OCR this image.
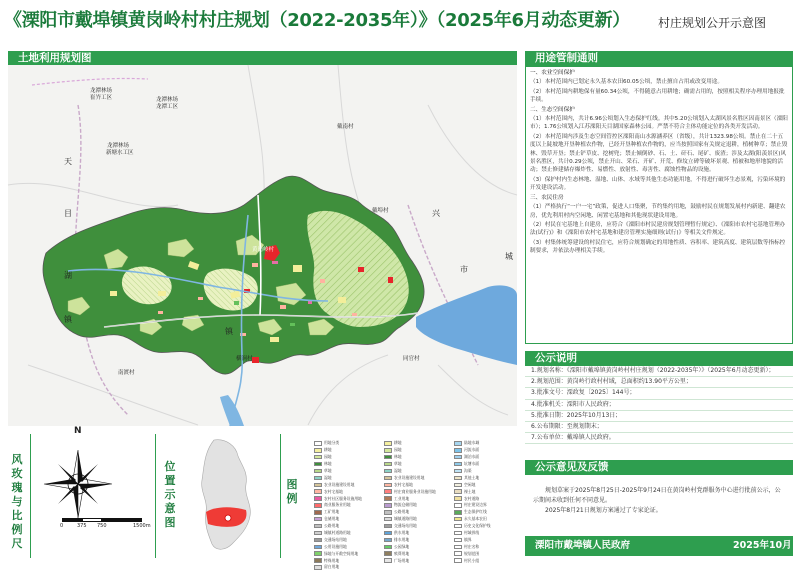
《溧阳市戴埠镇黄岗岭村村庄规划（2022-2035年）》（2025年6月动态更新）	村庄规划公开示意图
土地利用规划图
龙潭林场
崔岕工区	龙潭林场
龙潭工区
龙潭林场
新塘水工区
戴南村
戴埠村
天
目
湖
镇
兴
市
城
黄岗岭村
横涧村
南渡村
同官村
镇
用途管制通则

一、农业空间保护

（1）本村范围内已划定永久基本农田60.05公顷，禁止擅自占用或改变用途。

（2）本村范围内耕地保有量60.34公顷，不得随意占用耕地；确需占用的，按照相关程序办理用地报批手续。

二、生态空间保护

（1）本村范围内，共计6.96公顷划入生态保护红线。其中5.20公顷划入太湖风景名胜区因南景区（溧阳市）；1.76公顷划入江苏溧阳天目湖国家森林公园。严禁不符合主体功能定位的各类开发活动。

（2）本村范围内涉及生态空间管控区溧阳南山水源涵养区（省级），共计1323.98公顷。禁止在二十五度以上陡坡地开垦种植农作物，已经开垦种植农作物的，应当按照国家有关规定退耕，植树种草；禁止毁林、毁草开垦；禁止铲草皮、挖树兜；禁止倾倒砂、石、土、矸石、尾矿、废渣；涉及太湖(阳羡景区)风景名胜区，共计0.29公顷，禁止开山、采石、开矿、开荒、修坟立碑等破坏景观、植被和地形地貌的活动；禁止修建储存爆炸性、易燃性、放射性、毒害性、腐蚀性物品的设施。

（3）保护村内生态林地、湿地、山体、水域等其他生态功能用地，不得进行破坏生态景观，污染环境的开发建设活动。

三、农民住房

（1）严格执行“一户一宅”政策，促进人口集聚，节约集约用地，鼓励村民在规划发展村内新建、翻建农房，优先利用村内空闲地、闲置宅基地和其他现状建设用地。

（2）村民在宅基地上自建房，应符合《溧阳市村民建房规划管理暂行规定》、《溧阳市农村宅基地管理办法(试行)》和《溧阳市农村宅基地和建房管理实施细则(试行)》等相关文件规定。

（3）村集体统筹建设的村民住宅，应符合规划确定的用地性质、容积率、建筑高度、建筑层数等指标控制要求，并依法办理相关手续。

公示说明
1.规划名称：《溧阳市戴埠镇黄岗岭村村庄规划（2022-2035年）》（2025年6月动态更新）；
2.规划范围：黄岗岭行政村村域，总面积约13.90平方公里；
3.批准文号：溧政复〔2025〕144号；
4.批准机关：溧阳市人民政府；
5.批准日期：2025年10月13日；
6.公布期限：至规划期末；
7.公布单位：戴埠镇人民政府。
公示意见及反馈
规划草案于2025年8月25日-2025年9月24日在黄岗岭村党群服务中心进行批前公示，公示期间未收到任何不同意见。
2025年8月21日规划方案通过了专家论证。
溧阳市戴埠镇人民政府	2025年10月
风玫瑰与比例尺
N
0	375 750	1500m
位置示意图
图例
用地分类
耕地
园地
林地
草地
湿地
农业设施建设用地
农村宅基地
农村社区服务设施用地
商业服务业用地
工矿用地
仓储用地
公路用地
城镇村道路用地
交通场站用地
公用设施用地
绿地与开敞空间用地
特殊用地
留白用地
耕地
园地
林地
草地
湿地
农业设施建设用地
农村宅基地
村庄商业服务业设施用地
工业用地
物流仓储用地
公路用地
城镇道路用地
交通场站用地
供水用地
排水用地
公园绿地
殡葬用地
广场用地
陆地水域
河流水面
湖泊水面
坑塘水面
沟渠
其他土地
空闲地
裸土地
农村道路
村庄建设边界
生态保护红线
永久基本农田
历史文化保护线
村域界线
镇界
村庄名称
规划范围
村民小组
